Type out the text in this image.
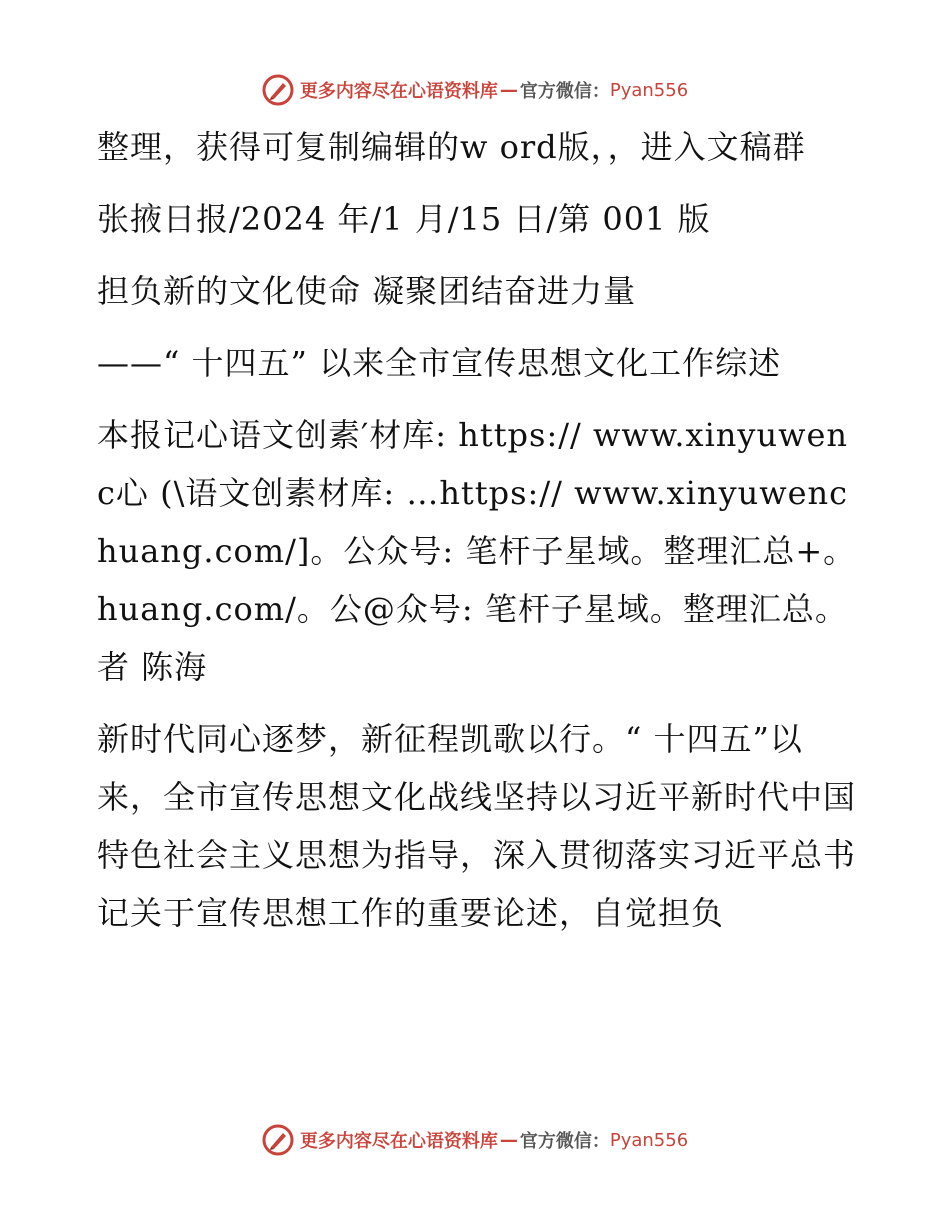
更多内容尽在心语资料库 — 官方微信： Pyan556

整理，获得可复制编辑的w ord版，，进入文稿群

张掖日报/2024 年/1 月/15 日/第 001 版

担负新的文化使命 凝聚团结奋进力量

——“ 十四五” 以来全市宣传思想文化工作综述

本报记心语文创素′材库: https:// www.xinyuwenc心 (\语文创素材库: …https:// www.xinyuwenchuang.com/]。公众号: 笔杆子星域。整理汇总+。huang.com/。公@众号: 笔杆子星域。整理汇总。者 陈海

新时代同心逐梦，新征程凯歌以行。“ 十四五”以来，全市宣传思想文化战线坚持以习近平新时代中国特色社会主义思想为指导，深入贯彻落实习近平总书记关于宣传思想工作的重要论述，自觉担负

更多内容尽在心语资料库 — 官方微信： Pyan556
